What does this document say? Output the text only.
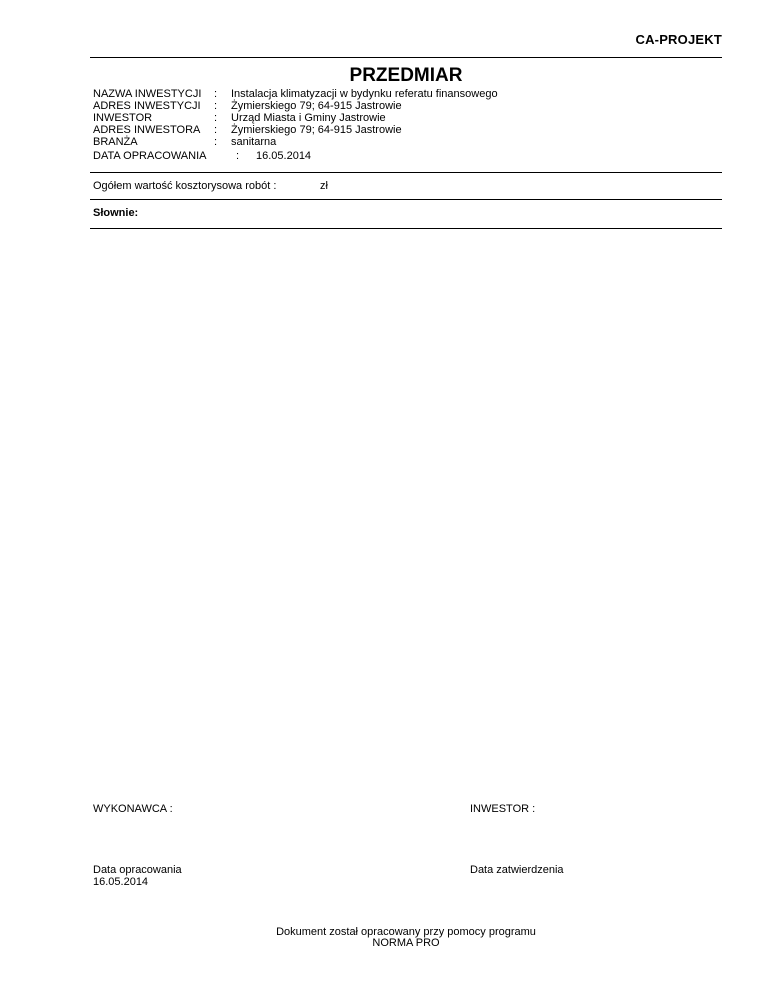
CA-PROJEKT
PRZEDMIAR
NAZWA INWESTYCJI	: Instalacja klimatyzacji w bydynku referatu finansowego
ADRES INWESTYCJI	: Żymierskiego 79; 64-915 Jastrowie
INWESTOR	: Urząd Miasta i Gminy Jastrowie
ADRES INWESTORA	: Żymierskiego 79; 64-915 Jastrowie
BRANŻA	: sanitarna
DATA OPRACOWANIA	: 16.05.2014
Ogółem wartość kosztorysowa robót :	zł
Słownie:
WYKONAWCA :	INWESTOR :
Data opracowania
16.05.2014
Data zatwierdzenia
Dokument został opracowany przy pomocy programu
NORMA PRO
